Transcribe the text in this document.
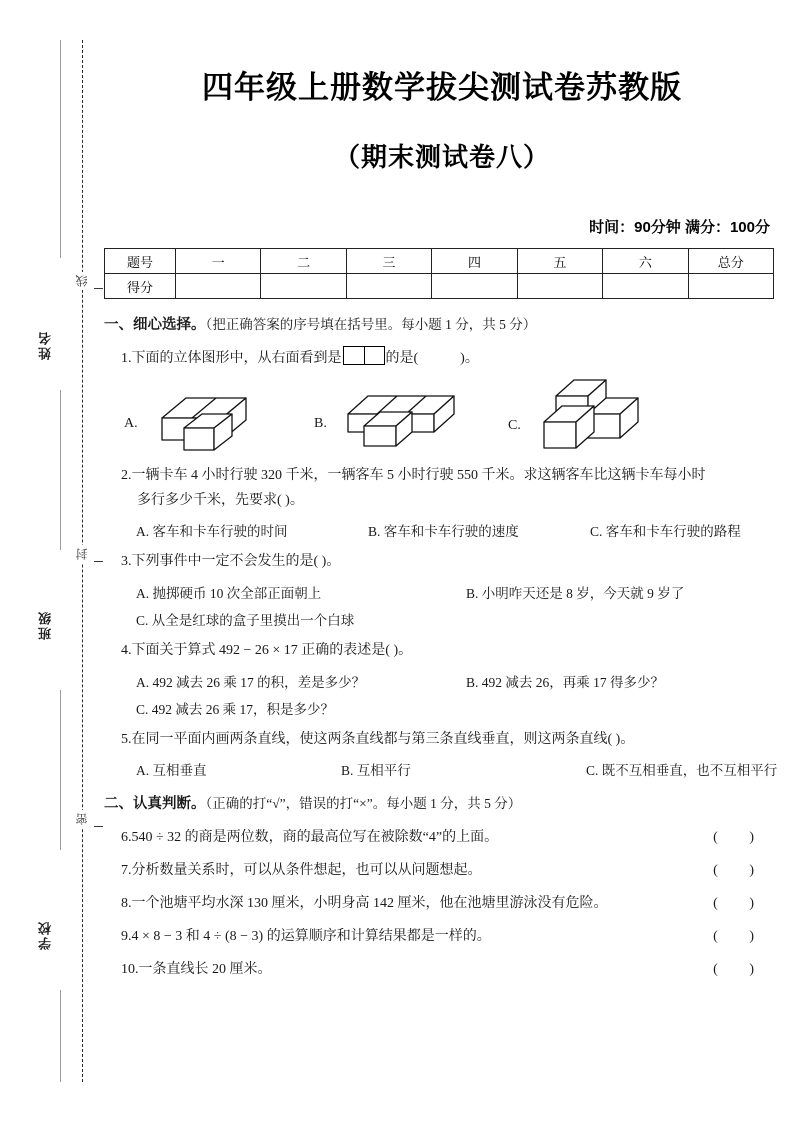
姓名
班级
学校
线
封
密
四年级上册数学拔尖测试卷苏教版
（期末测试卷八）
时间：90分钟 满分：100分
题号	一	二	三	四	五	六	总分
得分							
一、细心选择。（把正确答案的序号填在括号里。每小题 1 分，共 5 分）
1.下面的立体图形中，从右面看到是	的是(	)。
A.	B.	C.
2.一辆卡车 4 小时行驶 320 千米，一辆客车 5 小时行驶 550 千米。求这辆客车比这辆卡车每小时
多行多少千米，先要求( )。
A. 客车和卡车行驶的时间	B. 客车和卡车行驶的速度	C. 客车和卡车行驶的路程
3.下列事件中一定不会发生的是( )。
A. 抛掷硬币 10 次全部正面朝上	B. 小明咋天还是 8 岁，今天就 9 岁了
C. 从全是红球的盒子里摸出一个白球
4.下面关于算式 492 − 26 × 17 正确的表述是( )。
A. 492 减去 26 乘 17 的积，差是多少？	B. 492 减去 26，再乘 17 得多少？
C. 492 减去 26 乘 17，积是多少？
5.在同一平面内画两条直线，使这两条直线都与第三条直线垂直，则这两条直线( )。
A. 互相垂直	B. 互相平行	C. 既不互相垂直，也不互相平行
二、认真判断。（正确的打“√”，错误的打“×”。每小题 1 分，共 5 分）
6.540 ÷ 32 的商是两位数，商的最高位写在被除数“4”的上面。	( )
7.分析数量关系时，可以从条件想起，也可以从问题想起。	( )
8.一个池塘平均水深 130 厘米，小明身高 142 厘米，他在池塘里游泳没有危险。	( )
9.4 × 8 − 3 和 4 ÷ (8 − 3) 的运算顺序和计算结果都是一样的。	( )
10.一条直线长 20 厘米。	( )
